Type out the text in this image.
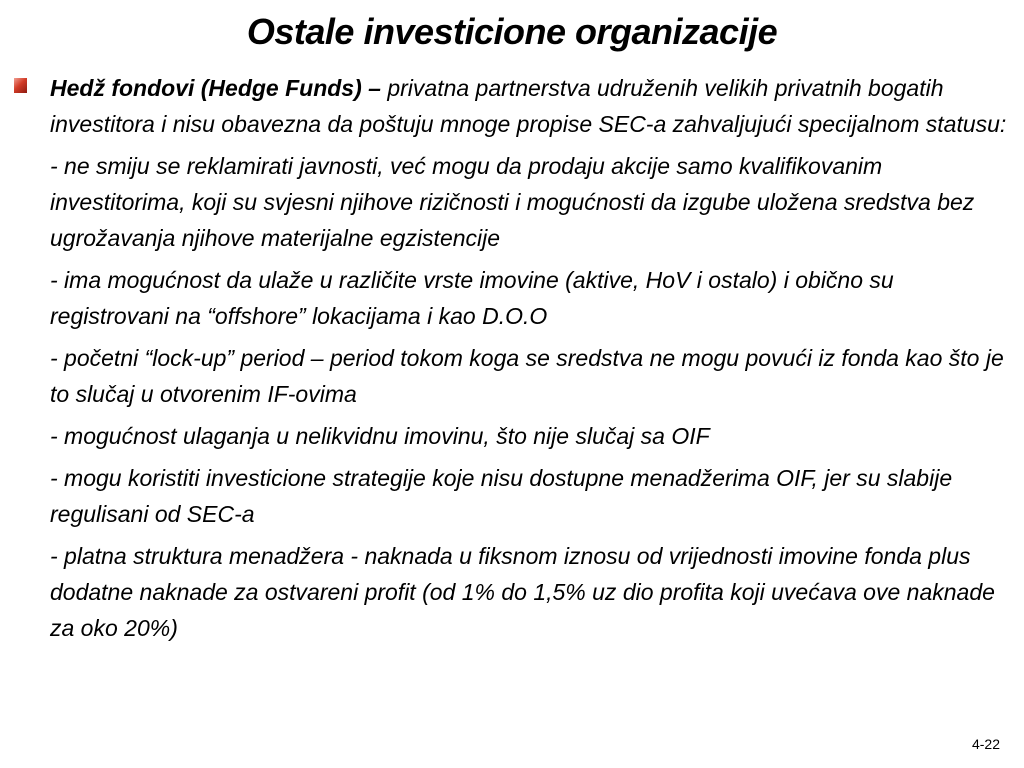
Ostale investicione organizacije
Hedž fondovi (Hedge Funds) – privatna partnerstva udruženih velikih privatnih bogatih investitora i nisu obavezna da poštuju mnoge propise SEC-a zahvaljujući specijalnom statusu:
- ne smiju se reklamirati javnosti, već mogu da prodaju akcije samo kvalifikovanim investitorima, koji su svjesni njihove rizičnosti i mogućnosti da izgube uložena sredstva bez ugrožavanja njihove materijalne egzistencije
- ima mogućnost da ulaže u različite vrste imovine (aktive, HoV i ostalo) i obično su registrovani na “offshore” lokacijama i kao D.O.O
- početni “lock-up” period – period tokom koga se sredstva ne mogu povući iz fonda kao što je to slučaj u otvorenim IF-ovima
- mogućnost ulaganja u nelikvidnu imovinu, što nije slučaj sa OIF
- mogu koristiti investicione strategije koje nisu dostupne menadžerima OIF, jer su slabije regulisani od SEC-a
- platna struktura menadžera - naknada u fiksnom iznosu od vrijednosti imovine fonda plus dodatne naknade za ostvareni profit (od 1% do 1,5% uz dio profita koji uvećava ove naknade za oko 20%)
4-22
